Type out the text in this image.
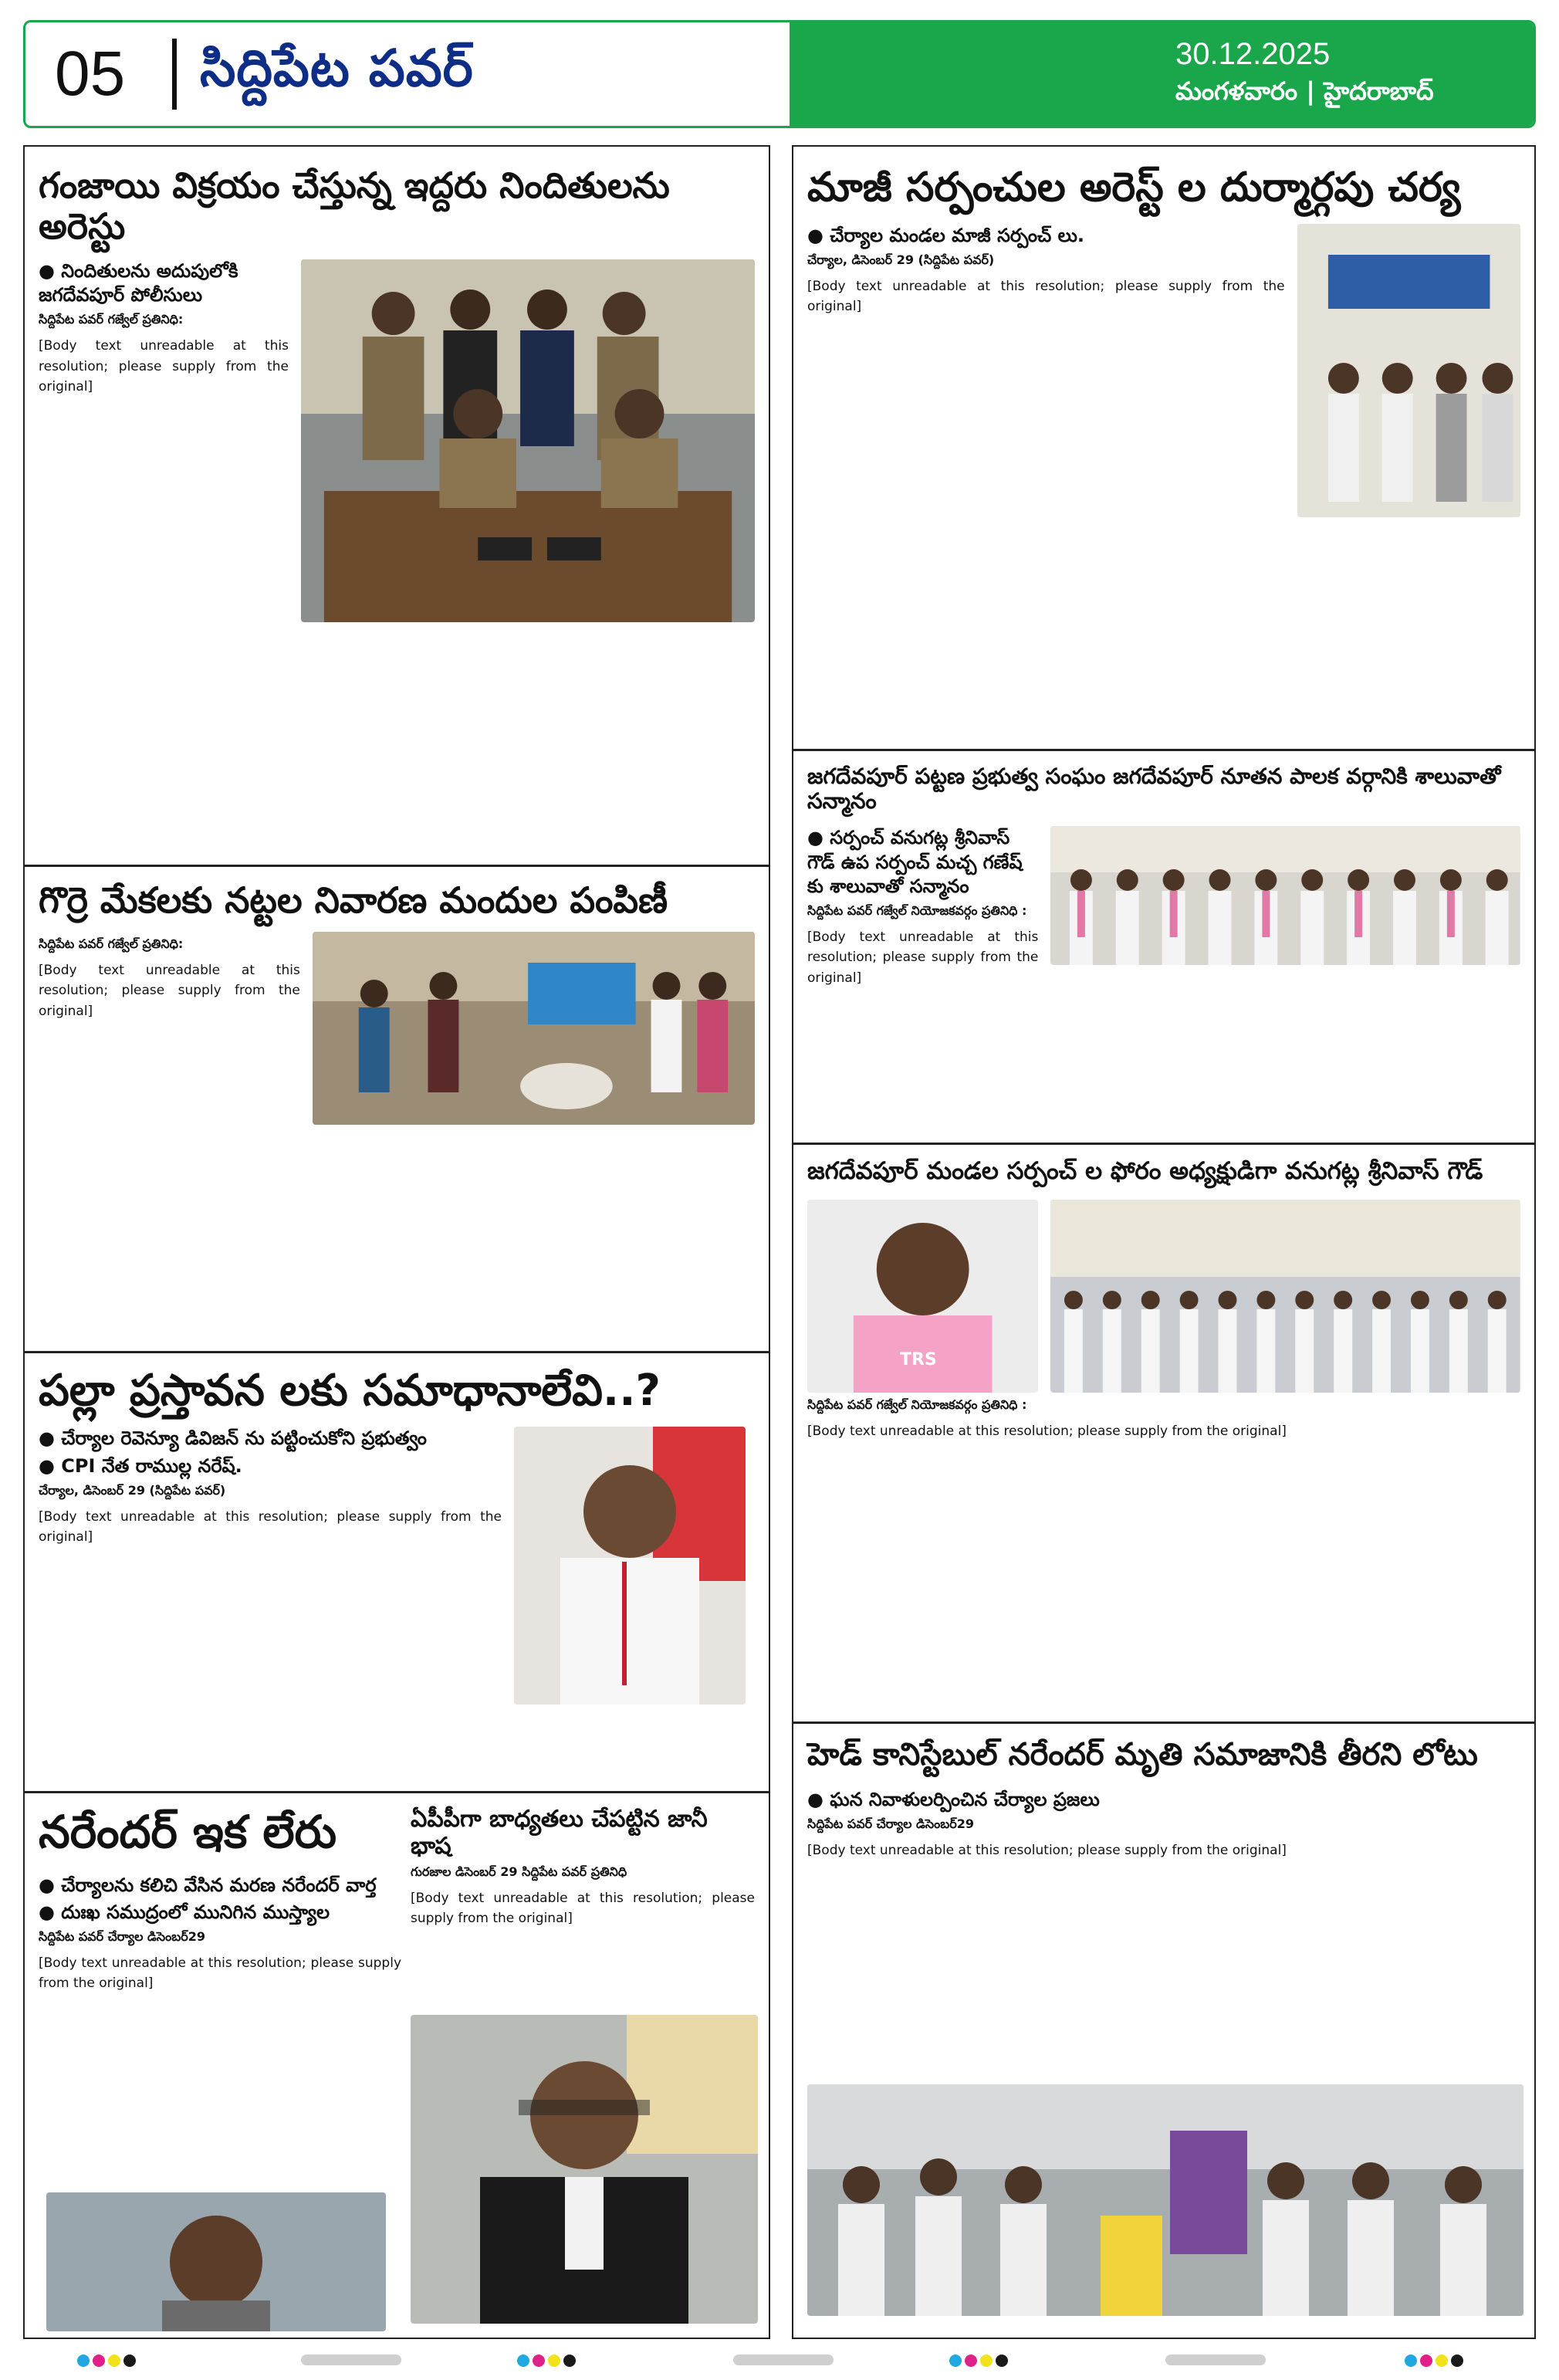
05	సిద్దిపేట పవర్	30.12.2025
మంగళవారం | హైదరాబాద్
గంజాయి విక్రయం చేస్తున్న ఇద్దరు నిందితులను అరెస్టు
● నిందితులను అదుపులోకి జగదేవపూర్ పోలీసులు
సిద్దిపేట పవర్ గజ్వేల్ ప్రతినిధి:
[Body text unreadable at this resolution; please supply from the original]
గొర్రె మేకలకు నట్టల నివారణ మందుల పంపిణీ
సిద్దిపేట పవర్ గజ్వేల్ ప్రతినిధి:
[Body text unreadable at this resolution; please supply from the original]
పల్లా ప్రస్తావన లకు సమాధానాలేవి..?
● చేర్యాల రెవెన్యూ డివిజన్ ను పట్టించుకోని ప్రభుత్వం
● CPI నేత రాముల్ల నరేష్.
చేర్యాల, డిసెంబర్ 29 (సిద్దిపేట పవర్)
[Body text unreadable at this resolution; please supply from the original]
నరేందర్ ఇక లేరు
● చేర్యాలను కలిచి వేసిన మరణ నరేందర్ వార్త
● దుఃఖ సముద్రంలో మునిగిన ముస్త్యాల
సిద్దిపేట పవర్ చేర్యాల డిసెంబర్29
[Body text unreadable at this resolution; please supply from the original]
ఏపీపీగా బాధ్యతలు చేపట్టిన జానీ భాష
గురజాల డిసెంబర్ 29 సిద్దిపేట పవర్ ప్రతినిధి
[Body text unreadable at this resolution; please supply from the original]
మాజీ సర్పంచుల అరెస్ట్ ల దుర్మార్గపు చర్య
● చేర్యాల మండల మాజీ సర్పంచ్ లు.
చేర్యాల, డిసెంబర్ 29 (సిద్దిపేట పవర్)
[Body text unreadable at this resolution; please supply from the original]
జగదేవపూర్ పట్టణ ప్రభుత్వ సంఘం జగదేవపూర్ నూతన పాలక వర్గానికి శాలువాతో సన్మానం
● సర్పంచ్ వనుగట్ల శ్రీనివాస్ గౌడ్ ఉప సర్పంచ్ మచ్చ గణేష్ కు శాలువాతో సన్మానం
సిద్దిపేట పవర్ గజ్వేల్ నియోజకవర్గం ప్రతినిధి :
[Body text unreadable at this resolution; please supply from the original]
జగదేవపూర్ మండల సర్పంచ్ ల ఫోరం అధ్యక్షుడిగా వనుగట్ల శ్రీనివాస్ గౌడ్
TRS
సిద్దిపేట పవర్ గజ్వేల్ నియోజకవర్గం ప్రతినిధి :
[Body text unreadable at this resolution; please supply from the original]
హెడ్ కానిస్టేబుల్ నరేందర్ మృతి సమాజానికి తీరని లోటు
● ఘన నివాళులర్పించిన చేర్యాల ప్రజలు
సిద్దిపేట పవర్ చేర్యాల డిసెంబర్29
[Body text unreadable at this resolution; please supply from the original]
